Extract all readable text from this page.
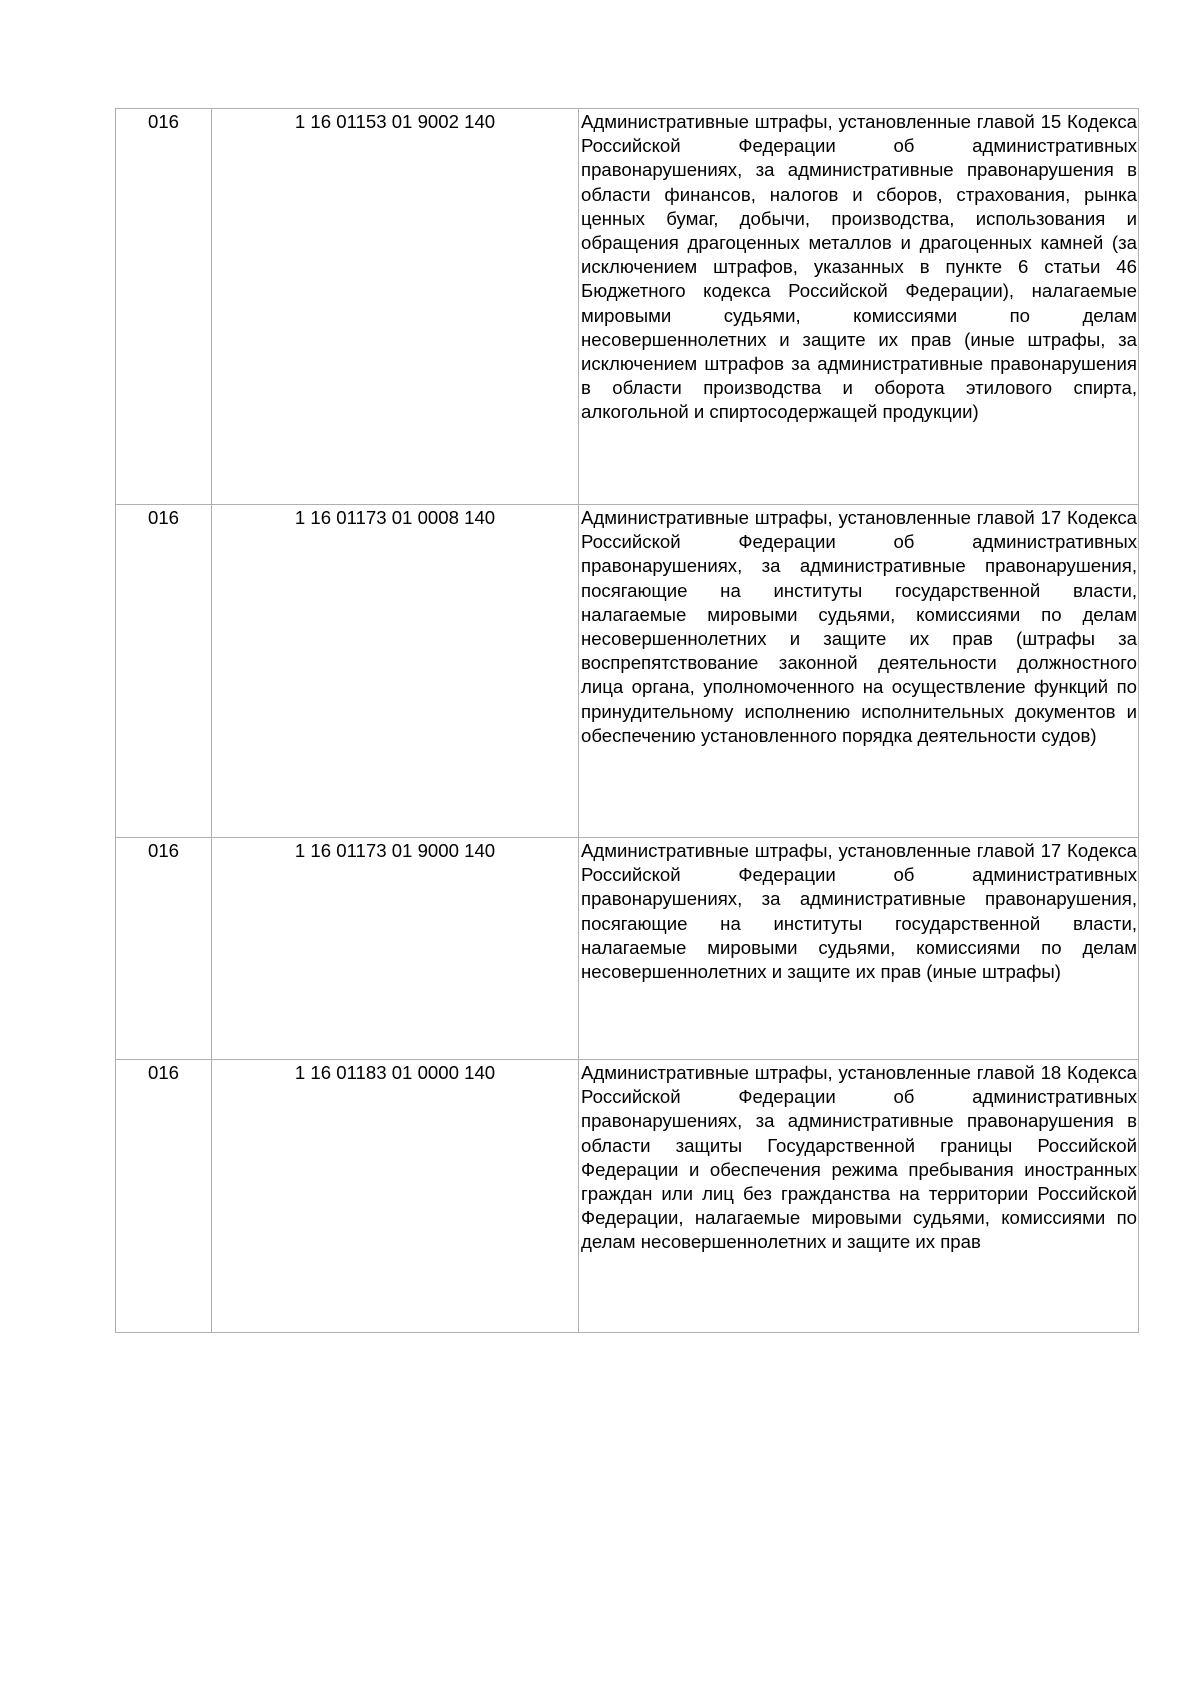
016	1 16 01153 01 9002 140	Административные штрафы, установленные главой 15 Кодекса Российской Федерации об административных правонарушениях, за административные правонарушения в области финансов, налогов и сборов, страхования, рынка ценных бумаг, добычи, производства, использования и обращения драгоценных металлов и драгоценных камней (за исключением штрафов, указанных в пункте 6 статьи 46 Бюджетного кодекса Российской Федерации), налагаемые мировыми судьями, комиссиями по делам несовершеннолетних и защите их прав (иные штрафы, за исключением штрафов за административные правонарушения в области производства и оборота этилового спирта, алкогольной и спиртосодержащей продукции)
016	1 16 01173 01 0008 140	Административные штрафы, установленные главой 17 Кодекса Российской Федерации об административных правонарушениях, за административные правонарушения, посягающие на институты государственной власти, налагаемые мировыми судьями, комиссиями по делам несовершеннолетних и защите их прав (штрафы за воспрепятствование законной деятельности должностного лица органа, уполномоченного на осуществление функций по принудительному исполнению исполнительных документов и обеспечению установленного порядка деятельности судов)
016	1 16 01173 01 9000 140	Административные штрафы, установленные главой 17 Кодекса Российской Федерации об административных правонарушениях, за административные правонарушения, посягающие на институты государственной власти, налагаемые мировыми судьями, комиссиями по делам несовершеннолетних и защите их прав (иные штрафы)
016	1 16 01183 01 0000 140	Административные штрафы, установленные главой 18 Кодекса Российской Федерации об административных правонарушениях, за административные правонарушения в области защиты Государственной границы Российской Федерации и обеспечения режима пребывания иностранных граждан или лиц без гражданства на территории Российской Федерации, налагаемые мировыми судьями, комиссиями по делам несовершеннолетних и защите их прав
